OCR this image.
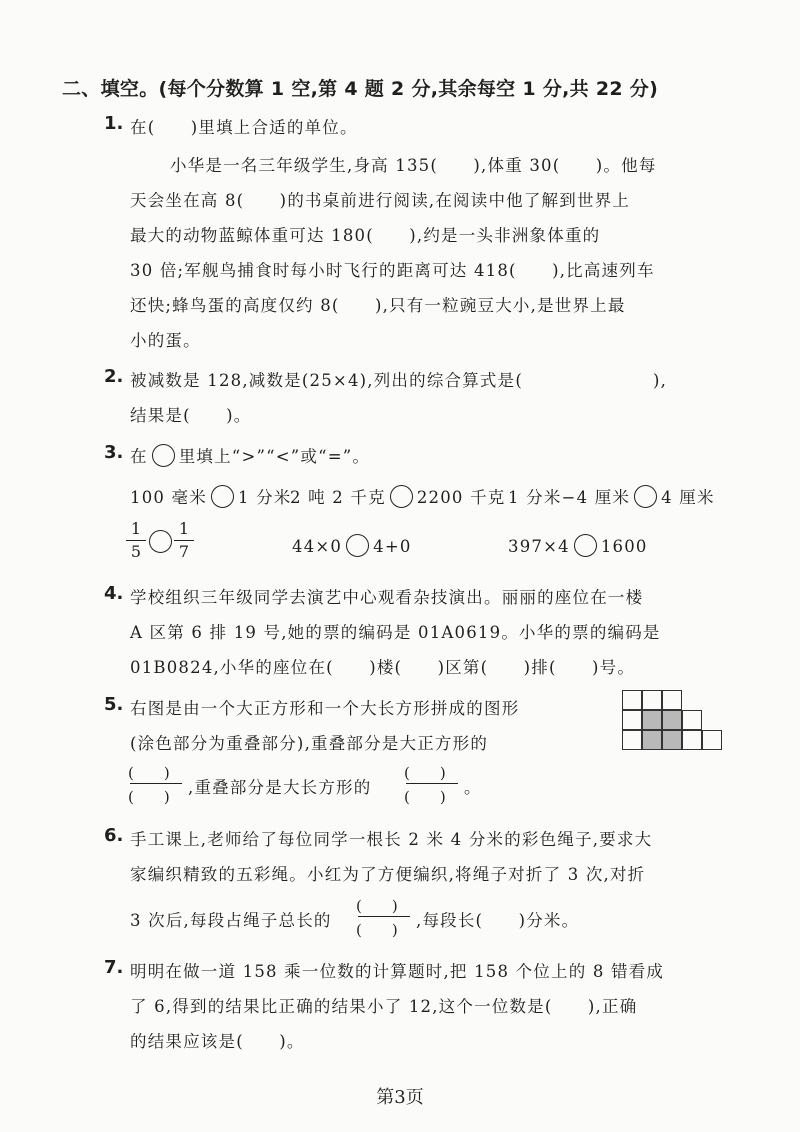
二、填空。(每个分数算 1 空,第 4 题 2 分,其余每空 1 分,共 22 分)
1. 在(　　)里填上合适的单位。
小华是一名三年级学生,身高 135(　　),体重 30(　　)。他每
天会坐在高 8(　　)的书桌前进行阅读,在阅读中他了解到世界上
最大的动物蓝鲸体重可达 180(　　),约是一头非洲象体重的
30 倍;军舰鸟捕食时每小时飞行的距离可达 418(　　),比高速列车
还快;蜂鸟蛋的高度仅约 8(　　),只有一粒豌豆大小,是世界上最
小的蛋。
2. 被减数是 128,减数是(25×4),列出的综合算式是(	),
结果是(　　)。
3. 在 里填上“>”“<”或“=”。
100 毫米 1 分米
2 吨 2 千克 2200 千克 1 分米−4 厘米 4 厘米
1
5
1
7	44×0 4+0	397×4 1600
4. 学校组织三年级同学去演艺中心观看杂技演出。丽丽的座位在一楼
A 区第 6 排 19 号,她的票的编码是 01A0619。小华的票的编码是
01B0824,小华的座位在(　　)楼(　　)区第(　　)排(　　)号。
5. 右图是由一个大正方形和一个大长方形拼成的图形
(涂色部分为重叠部分),重叠部分是大正方形的
(　　)
(　　)	,重叠部分是大长方形的
(　　)
(　　)	。
6. 手工课上,老师给了每位同学一根长 2 米 4 分米的彩色绳子,要求大
家编织精致的五彩绳。小红为了方便编织,将绳子对折了 3 次,对折
3 次后,每段占绳子总长的
(　　)
(　　)	,每段长(　　)分米。
7. 明明在做一道 158 乘一位数的计算题时,把 158 个位上的 8 错看成
了 6,得到的结果比正确的结果小了 12,这个一位数是(　　),正确
的结果应该是(　　)。
第3页
